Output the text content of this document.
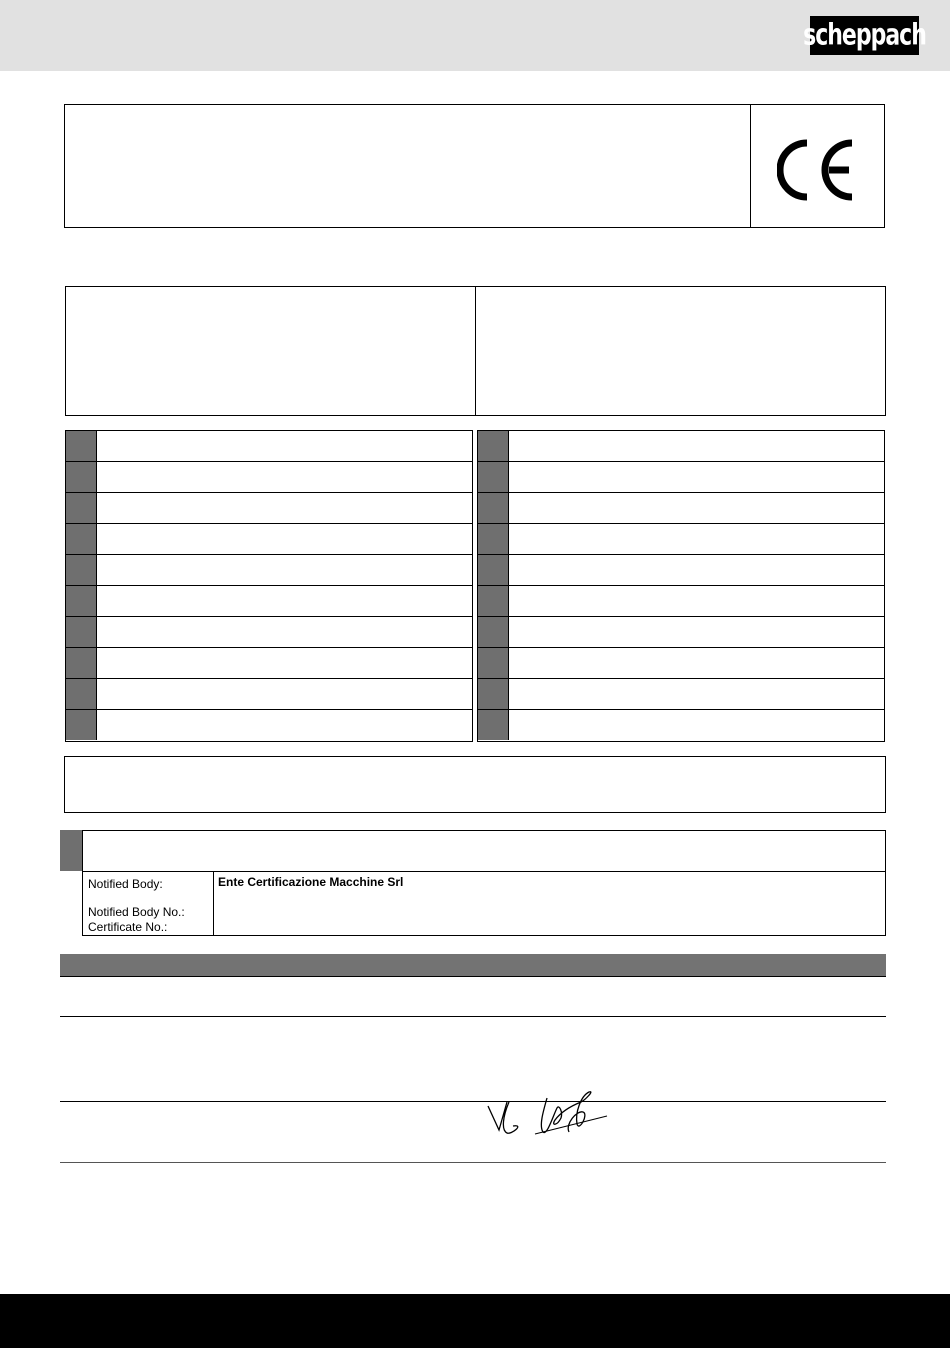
scheppach
Notified Body:
Notified Body No.:
Certificate No.:
Ente Certificazione Macchine Srl
